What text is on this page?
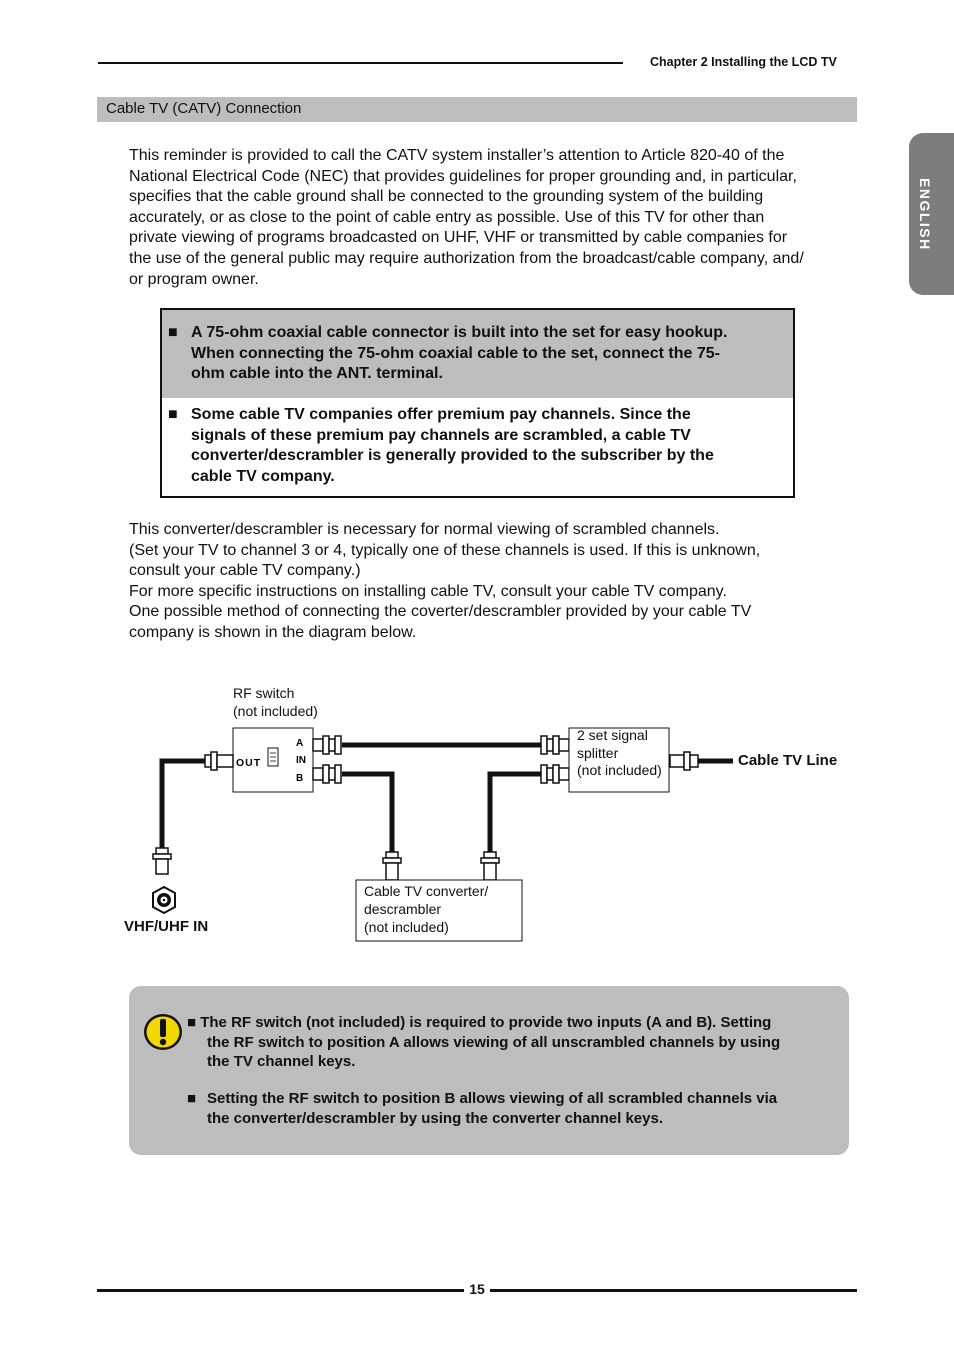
Chapter 2 Installing the LCD TV
Cable TV (CATV) Connection
ENGLISH

This reminder is provided to call the CATV system installer’s attention to Article 820-40 of the

National Electrical Code (NEC) that provides guidelines for proper grounding and, in particular,

specifies that the cable ground shall be connected to the grounding system of the building

accurately, or as close to the point of cable entry as possible. Use of this TV for other than

private viewing of programs broadcasted on UHF, VHF or transmitted by cable companies for

the use of the general public may require authorization from the broadcast/cable company, and/

or program owner.

■ A 75-ohm coaxial cable connector is built into the set for easy hookup.
When connecting the 75-ohm coaxial cable to the set, connect the 75-
ohm cable into the ANT. terminal.
■ Some cable TV companies offer premium pay channels. Since the
signals of these premium pay channels are scrambled, a cable TV
converter/descrambler is generally provided to the subscriber by the
cable TV company.

This converter/descrambler is necessary for normal viewing of scrambled channels.

(Set your TV to channel 3 or 4, typically one of these channels is used. If this is unknown,

consult your cable TV company.)

For more specific instructions on installing cable TV, consult your cable TV company.

One possible method of connecting the coverter/descrambler provided by your cable TV

company is shown in the diagram below.

OUT
A
IN
B
RF switch
(not included)
2 set signal
splitter
(not included)
Cable TV Line
Cable TV converter/
descrambler
(not included)
VHF/UHF IN
■ The RF switch (not included) is required to provide two inputs (A and B). Setting
the RF switch to position A allows viewing of all unscrambled channels by using
the TV channel keys.
■ Setting the RF switch to position B allows viewing of all scrambled channels via
the converter/descrambler by using the converter channel keys.
15
